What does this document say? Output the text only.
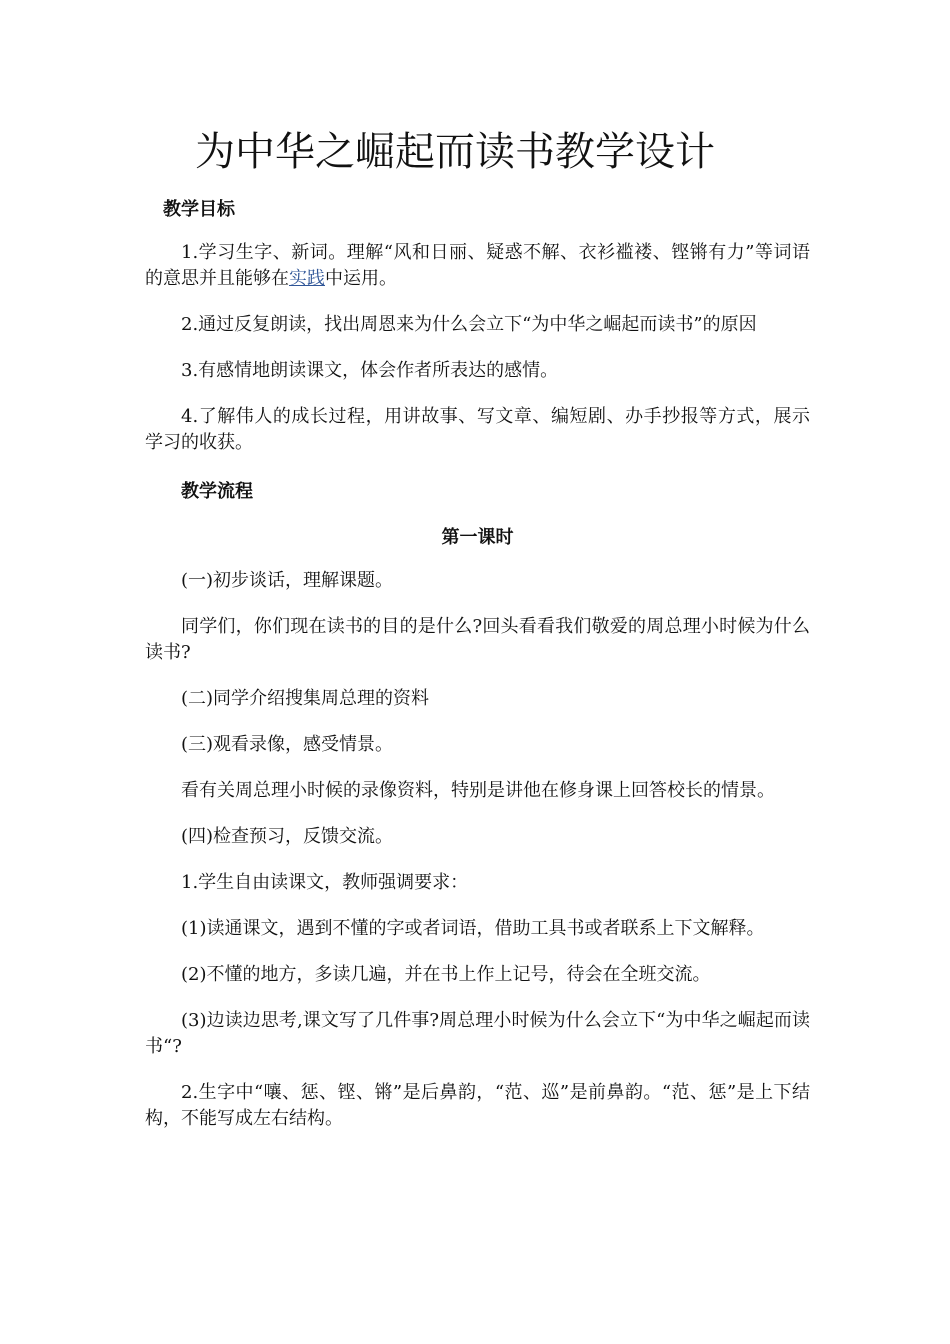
为中华之崛起而读书教学设计
教学目标

1.学习生字、新词。理解“风和日丽、疑惑不解、衣衫褴褛、铿锵有力”等词语的意思并且能够在实践中运用。

2.通过反复朗读，找出周恩来为什么会立下“为中华之崛起而读书”的原因

3.有感情地朗读课文，体会作者所表达的感情。

4.了解伟人的成长过程，用讲故事、写文章、编短剧、办手抄报等方式，展示学习的收获。

教学流程
第一课时

(一)初步谈话，理解课题。

同学们，你们现在读书的目的是什么?回头看看我们敬爱的周总理小时候为什么读书?

(二)同学介绍搜集周总理的资料

(三)观看录像，感受情景。

看有关周总理小时候的录像资料，特别是讲他在修身课上回答校长的情景。

(四)检查预习，反馈交流。

1.学生自由读课文，教师强调要求：

(1)读通课文，遇到不懂的字或者词语，借助工具书或者联系上下文解释。

(2)不懂的地方，多读几遍，并在书上作上记号，待会在全班交流。

(3)边读边思考,课文写了几件事?周总理小时候为什么会立下“为中华之崛起而读书“?

2.生字中“嚷、惩、铿、锵”是后鼻韵，“范、巡”是前鼻韵。“范、惩”是上下结构，不能写成左右结构。
